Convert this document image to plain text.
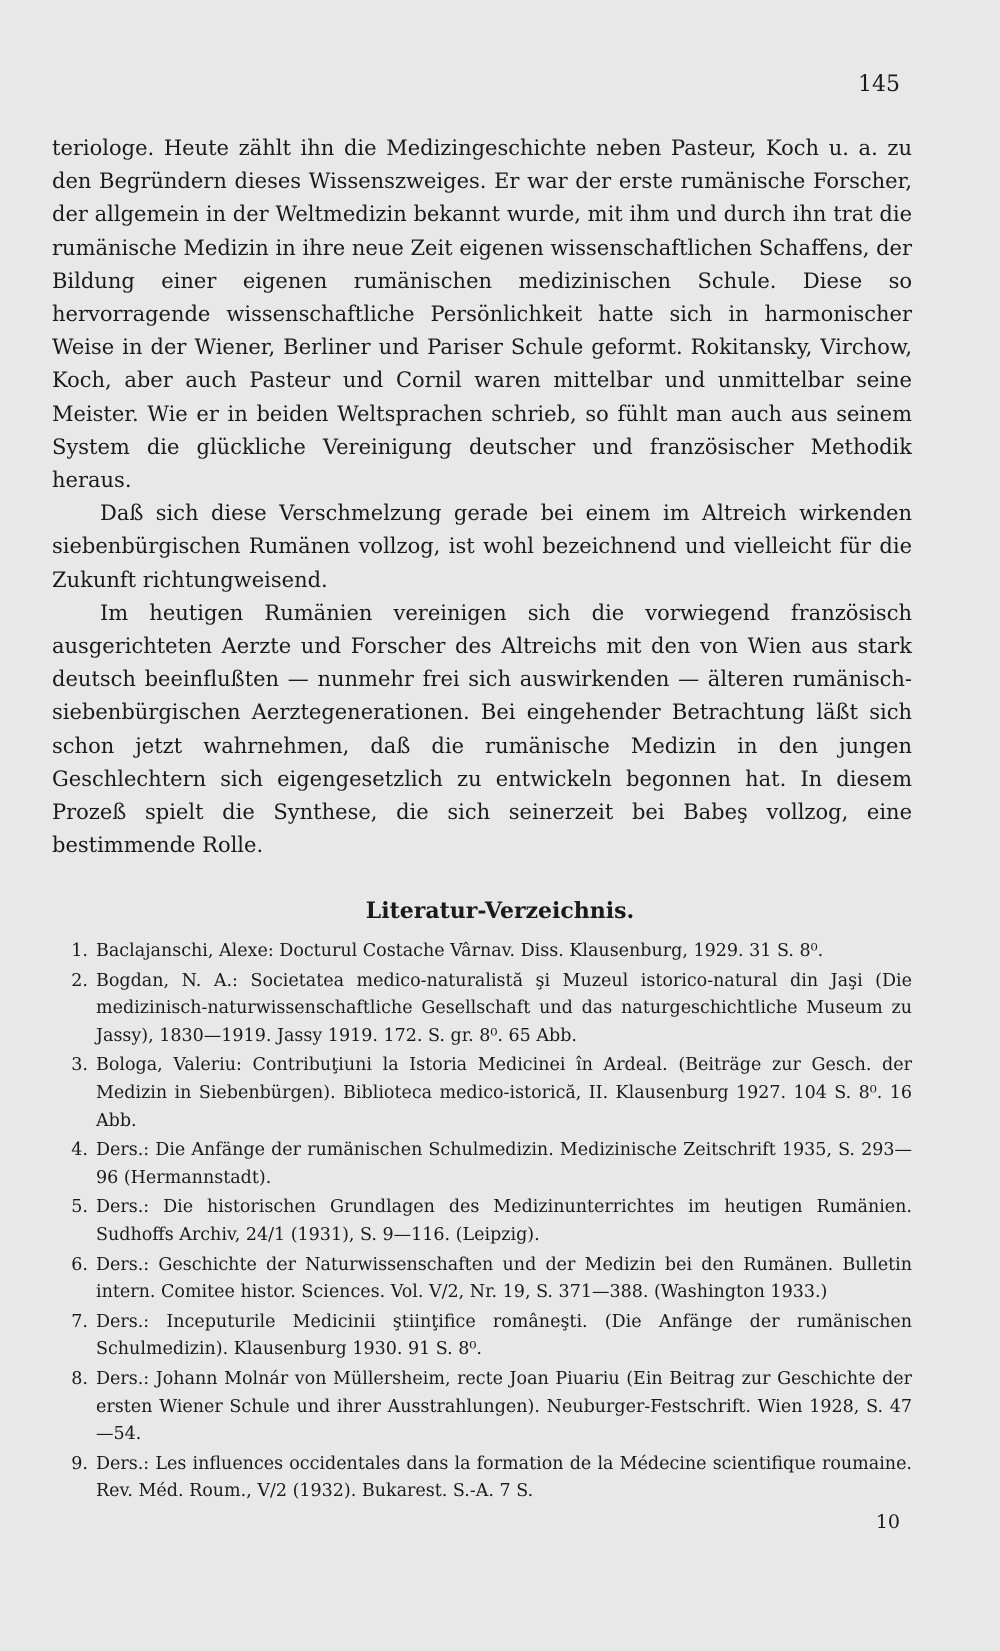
145

teriologe. Heute zählt ihn die Medizingeschichte neben Pasteur, Koch u. a. zu den Begründern dieses Wissenszweiges. Er war der erste rumänische Forscher, der allgemein in der Weltmedizin bekannt wurde, mit ihm und durch ihn trat die rumänische Medizin in ihre neue Zeit eigenen wissenschaftlichen Schaffens, der Bildung einer eigenen rumänischen medizinischen Schule. Diese so hervorragende wissenschaftliche Persönlichkeit hatte sich in harmonischer Weise in der Wiener, Berliner und Pariser Schule geformt. Rokitansky, Virchow, Koch, aber auch Pasteur und Cornil waren mittelbar und unmittelbar seine Meister. Wie er in beiden Weltsprachen schrieb, so fühlt man auch aus seinem System die glückliche Vereinigung deutscher und französischer Methodik heraus.

Daß sich diese Verschmelzung gerade bei einem im Altreich wirkenden siebenbürgischen Rumänen vollzog, ist wohl bezeichnend und vielleicht für die Zukunft richtungweisend.

Im heutigen Rumänien vereinigen sich die vorwiegend französisch ausgerichteten Aerzte und Forscher des Altreichs mit den von Wien aus stark deutsch beeinflußten — nunmehr frei sich auswirkenden — älteren rumänisch-siebenbürgischen Aerztegenerationen. Bei eingehender Betrachtung läßt sich schon jetzt wahrnehmen, daß die rumänische Medizin in den jungen Geschlechtern sich eigengesetzlich zu entwickeln begonnen hat. In diesem Prozeß spielt die Synthese, die sich seinerzeit bei Babeş vollzog, eine bestimmende Rolle.

Literatur-Verzeichnis.
1. Baclajanschi, Alexe: Docturul Costache Vârnav. Diss. Klausenburg, 1929. 31 S. 8⁰.
2. Bogdan, N. A.: Societatea medico-naturalistă şi Muzeul istorico-natural din Jaşi (Die medizinisch-naturwissenschaftliche Gesellschaft und das naturgeschichtliche Museum zu Jassy), 1830—1919. Jassy 1919. 172. S. gr. 8⁰. 65 Abb.
3. Bologa, Valeriu: Contribuţiuni la Istoria Medicinei în Ardeal. (Beiträge zur Gesch. der Medizin in Siebenbürgen). Biblioteca medico-istorică, II. Klausenburg 1927. 104 S. 8⁰. 16 Abb.
4. Ders.: Die Anfänge der rumänischen Schulmedizin. Medizinische Zeitschrift 1935, S. 293—96 (Hermannstadt).
5. Ders.: Die historischen Grundlagen des Medizinunterrichtes im heutigen Rumänien. Sudhoffs Archiv, 24/1 (1931), S. 9—116. (Leipzig).
6. Ders.: Geschichte der Naturwissenschaften und der Medizin bei den Rumänen. Bulletin intern. Comitee histor. Sciences. Vol. V/2, Nr. 19, S. 371—388. (Washington 1933.)
7. Ders.: Inceputurile Medicinii ştiinţifice româneşti. (Die Anfänge der rumänischen Schulmedizin). Klausenburg 1930. 91 S. 8⁰.
8. Ders.: Johann Molnár von Müllersheim, recte Joan Piuariu (Ein Beitrag zur Geschichte der ersten Wiener Schule und ihrer Ausstrahlungen). Neuburger-Festschrift. Wien 1928, S. 47—54.
9. Ders.: Les influences occidentales dans la formation de la Médecine scientifique roumaine. Rev. Méd. Roum., V/2 (1932). Bukarest. S.-A. 7 S.
10
